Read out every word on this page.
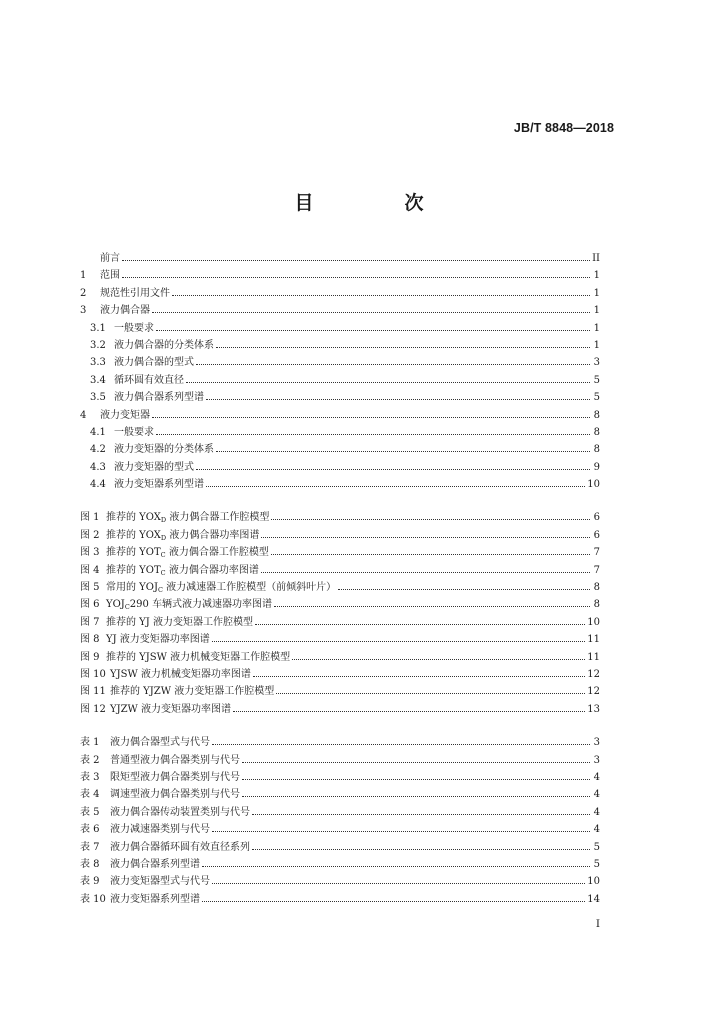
JB/T 8848—2018
目　次
前言	II
1	范围	1
2	规范性引用文件	1
3	液力偶合器	1
3.1 一般要求	1
3.2 液力偶合器的分类体系	1
3.3 液力偶合器的型式	3
3.4 循环圆有效直径	5
3.5 液力偶合器系列型谱	5
4	液力变矩器	8
4.1 一般要求	8
4.2 液力变矩器的分类体系	8
4.3 液力变矩器的型式	9
4.4 液力变矩器系列型谱	10
图 1 推荐的 $YOX_D$ 液力偶合器工作腔模型	6
图 2 推荐的 $YOX_D$ 液力偶合器功率图谱	6
图 3 推荐的 $YOT_C$ 液力偶合器工作腔模型	7
图 4 推荐的 $YOT_C$ 液力偶合器功率图谱	7
图 5 常用的 $YOJ_C$ 液力减速器工作腔模型（前倾斜叶片）	8
图 6 $YOJ_C290$ 车辆式液力减速器功率图谱	8
图 7 推荐的 YJ 液力变矩器工作腔模型	10
图 8 YJ 液力变矩器功率图谱	11
图 9 推荐的 YJSW 液力机械变矩器工作腔模型	11
图 10 YJSW 液力机械变矩器功率图谱	12
图 11 推荐的 YJZW 液力变矩器工作腔模型	12
图 12 YJZW 液力变矩器功率图谱	13
表 1	液力偶合器型式与代号	3
表 2	普通型液力偶合器类别与代号	3
表 3	限矩型液力偶合器类别与代号	4
表 4	调速型液力偶合器类别与代号	4
表 5	液力偶合器传动装置类别与代号	4
表 6	液力减速器类别与代号	4
表 7	液力偶合器循环圆有效直径系列	5
表 8	液力偶合器系列型谱	5
表 9	液力变矩器型式与代号	10
表 10 液力变矩器系列型谱	14
I
